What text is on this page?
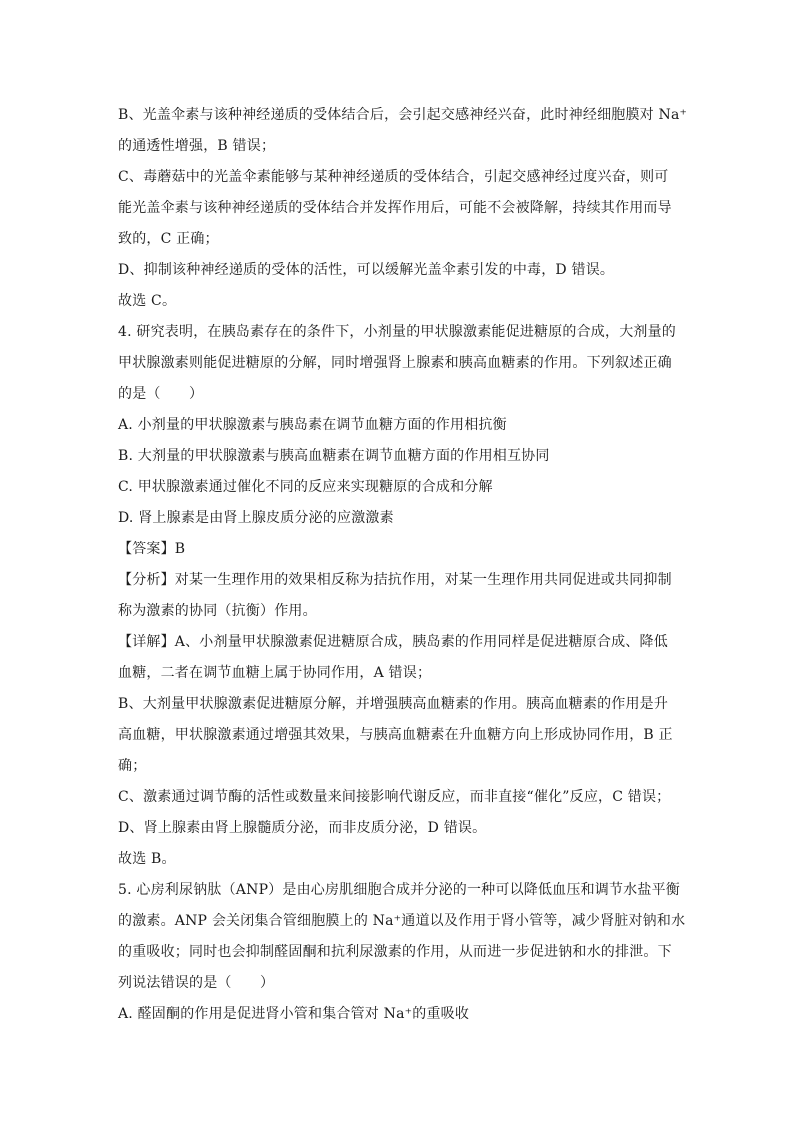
B、光盖伞素与该种神经递质的受体结合后，会引起交感神经兴奋，此时神经细胞膜对 Na⁺
的通透性增强，B 错误；
C、毒蘑菇中的光盖伞素能够与某种神经递质的受体结合，引起交感神经过度兴奋，则可
能光盖伞素与该种神经递质的受体结合并发挥作用后，可能不会被降解，持续其作用而导
致的，C 正确；
D、抑制该种神经递质的受体的活性，可以缓解光盖伞素引发的中毒，D 错误。
故选 C。
4. 研究表明，在胰岛素存在的条件下，小剂量的甲状腺激素能促进糖原的合成，大剂量的
甲状腺激素则能促进糖原的分解，同时增强肾上腺素和胰高血糖素的作用。下列叙述正确
的是（　　）
A. 小剂量的甲状腺激素与胰岛素在调节血糖方面的作用相抗衡
B. 大剂量的甲状腺激素与胰高血糖素在调节血糖方面的作用相互协同
C. 甲状腺激素通过催化不同的反应来实现糖原的合成和分解
D. 肾上腺素是由肾上腺皮质分泌的应激激素
【答案】B
【分析】对某一生理作用的效果相反称为拮抗作用，对某一生理作用共同促进或共同抑制
称为激素的协同（抗衡）作用。
【详解】A、小剂量甲状腺激素促进糖原合成，胰岛素的作用同样是促进糖原合成、降低
血糖，二者在调节血糖上属于协同作用，A 错误；
B、大剂量甲状腺激素促进糖原分解，并增强胰高血糖素的作用。胰高血糖素的作用是升
高血糖，甲状腺激素通过增强其效果，与胰高血糖素在升血糖方向上形成协同作用，B 正
确；
C、激素通过调节酶的活性或数量来间接影响代谢反应，而非直接“催化”反应，C 错误；
D、肾上腺素由肾上腺髓质分泌，而非皮质分泌，D 错误。
故选 B。
5. 心房利尿钠肽（ANP）是由心房肌细胞合成并分泌的一种可以降低血压和调节水盐平衡
的激素。ANP 会关闭集合管细胞膜上的 Na⁺通道以及作用于肾小管等，减少肾脏对钠和水
的重吸收；同时也会抑制醛固酮和抗利尿激素的作用，从而进一步促进钠和水的排泄。下
列说法错误的是（　　）
A. 醛固酮的作用是促进肾小管和集合管对 Na⁺的重吸收
